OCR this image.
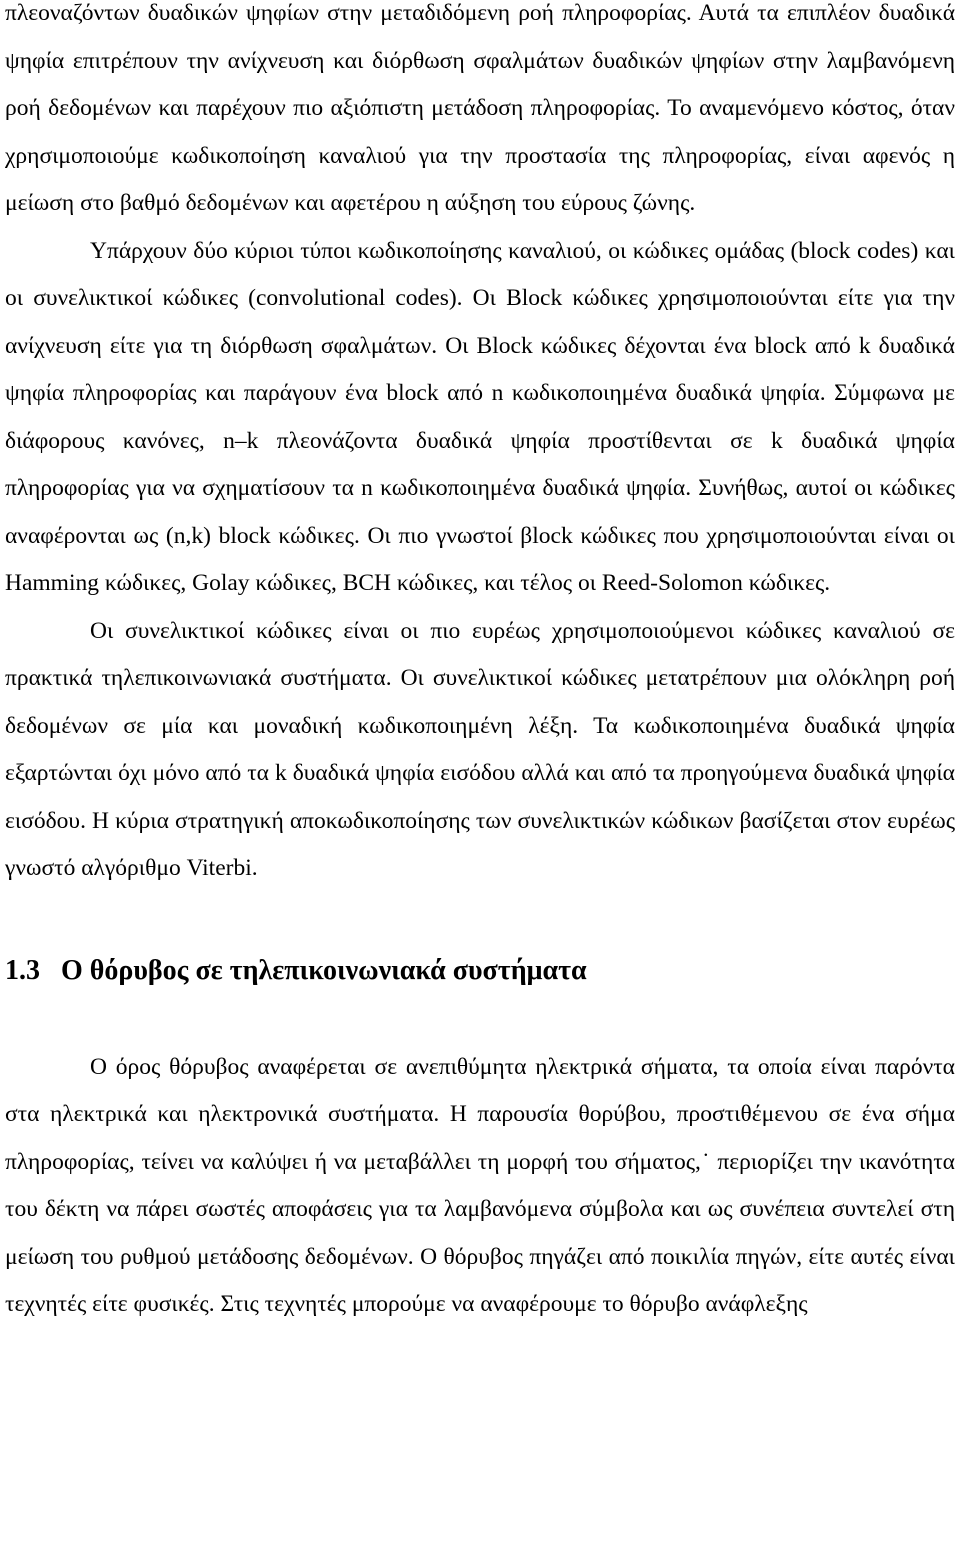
πλεοναζόντων δυαδικών ψηφίων στην μεταδιδόμενη ροή πληροφορίας. Αυτά τα επιπλέον δυαδικά ψηφία επιτρέπουν την ανίχνευση και διόρθωση σφαλμάτων δυαδικών ψηφίων στην λαμβανόμενη ροή δεδομένων και παρέχουν πιο αξιόπιστη μετάδοση πληροφορίας. Το αναμενόμενο κόστος, όταν χρησιμοποιούμε κωδικοποίηση καναλιού για την προστασία της πληροφορίας, είναι αφενός η μείωση στο βαθμό δεδομένων και αφετέρου η αύξηση του εύρους ζώνης.

Υπάρχουν δύο κύριοι τύποι κωδικοποίησης καναλιού, οι κώδικες ομάδας (block codes) και οι συνελικτικοί κώδικες (convolutional codes). Οι Block κώδικες χρησιμοποιούνται είτε για την ανίχνευση είτε για τη διόρθωση σφαλμάτων. Οι Block κώδικες δέχονται ένα block από k δυαδικά ψηφία πληροφορίας και παράγουν ένα block από n κωδικοποιημένα δυαδικά ψηφία. Σύμφωνα με διάφορους κανόνες, n–k πλεονάζοντα δυαδικά ψηφία προστίθενται σε k δυαδικά ψηφία πληροφορίας για να σχηματίσουν τα n κωδικοποιημένα δυαδικά ψηφία. Συνήθως, αυτοί οι κώδικες αναφέρονται ως (n,k) block κώδικες. Οι πιο γνωστοί βlock κώδικες που χρησιμοποιούνται είναι οι Hamming κώδικες, Golay κώδικες, BCH κώδικες, και τέλος οι Reed-Solomon κώδικες.

Οι συνελικτικοί κώδικες είναι οι πιο ευρέως χρησιμοποιούμενοι κώδικες καναλιού σε πρακτικά τηλεπικοινωνιακά συστήματα. Οι συνελικτικοί κώδικες μετατρέπουν μια ολόκληρη ροή δεδομένων σε μία και μοναδική κωδικοποιημένη λέξη. Τα κωδικοποιημένα δυαδικά ψηφία εξαρτώνται όχι μόνο από τα k δυαδικά ψηφία εισόδου αλλά και από τα προηγούμενα δυαδικά ψηφία εισόδου. Η κύρια στρατηγική αποκωδικοποίησης των συνελικτικών κώδικων βασίζεται στον ευρέως γνωστό αλγόριθμο Viterbi.

1.3 Ο θόρυβος σε τηλεπικοινωνιακά συστήματα

Ο όρος θόρυβος αναφέρεται σε ανεπιθύμητα ηλεκτρικά σήματα, τα οποία είναι παρόντα στα ηλεκτρικά και ηλεκτρονικά συστήματα. Η παρουσία θορύβου, προστιθέμενου σε ένα σήμα πληροφορίας, τείνει να καλύψει ή να μεταβάλλει τη μορφή του σήματος,˙ περιορίζει την ικανότητα του δέκτη να πάρει σωστές αποφάσεις για τα λαμβανόμενα σύμβολα και ως συνέπεια συντελεί στη μείωση του ρυθμού μετάδοσης δεδομένων. Ο θόρυβος πηγάζει από ποικιλία πηγών, είτε αυτές είναι τεχνητές είτε φυσικές. Στις τεχνητές μπορούμε να αναφέρουμε το θόρυβο ανάφλεξης
